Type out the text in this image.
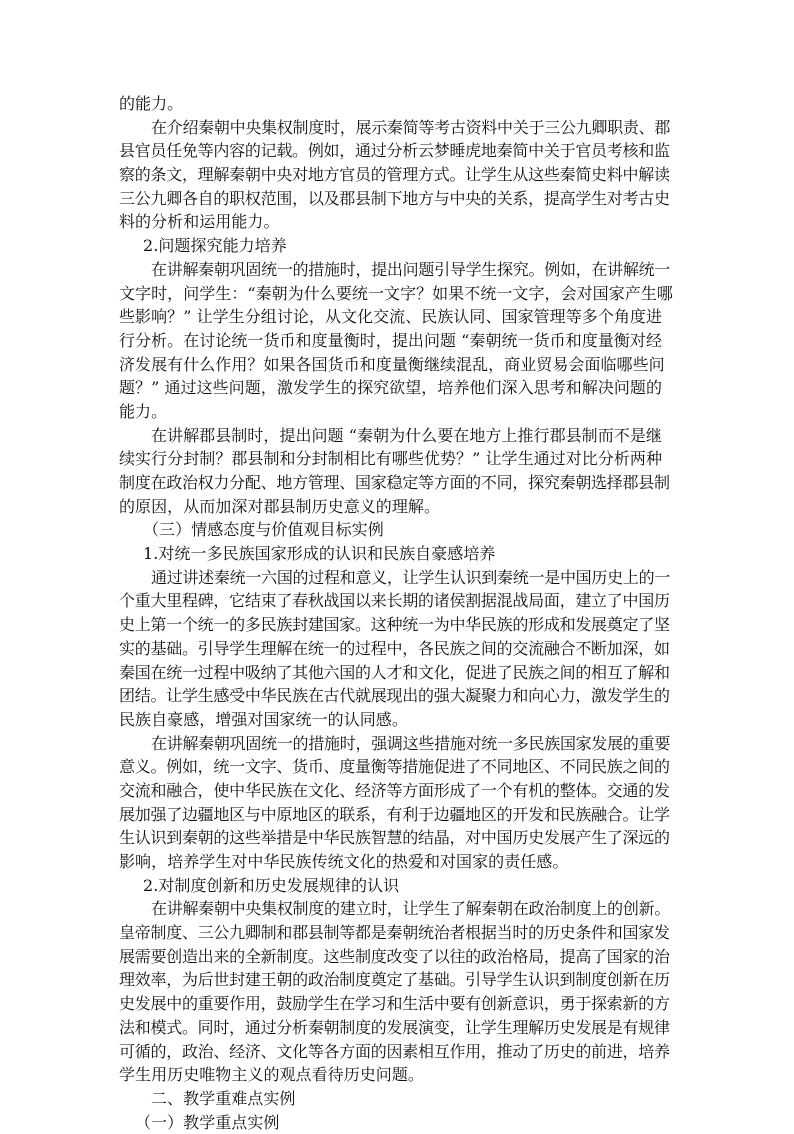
的能力。
在介绍秦朝中央集权制度时，展示秦简等考古资料中关于三公九卿职责、郡
县官员任免等内容的记载。例如，通过分析云梦睡虎地秦简中关于官员考核和监
察的条文，理解秦朝中央对地方官员的管理方式。让学生从这些秦简史料中解读
三公九卿各自的职权范围，以及郡县制下地方与中央的关系，提高学生对考古史
料的分析和运用能力。
2.问题探究能力培养
在讲解秦朝巩固统一的措施时，提出问题引导学生探究。例如，在讲解统一
文字时，问学生：“秦朝为什么要统一文字？如果不统一文字，会对国家产生哪
些影响？” 让学生分组讨论，从文化交流、民族认同、国家管理等多个角度进
行分析。在讨论统一货币和度量衡时，提出问题 “秦朝统一货币和度量衡对经
济发展有什么作用？如果各国货币和度量衡继续混乱，商业贸易会面临哪些问
题？” 通过这些问题，激发学生的探究欲望，培养他们深入思考和解决问题的
能力。
在讲解郡县制时，提出问题 “秦朝为什么要在地方上推行郡县制而不是继
续实行分封制？郡县制和分封制相比有哪些优势？” 让学生通过对比分析两种
制度在政治权力分配、地方管理、国家稳定等方面的不同，探究秦朝选择郡县制
的原因，从而加深对郡县制历史意义的理解。
（三）情感态度与价值观目标实例
1.对统一多民族国家形成的认识和民族自豪感培养
通过讲述秦统一六国的过程和意义，让学生认识到秦统一是中国历史上的一
个重大里程碑，它结束了春秋战国以来长期的诸侯割据混战局面，建立了中国历
史上第一个统一的多民族封建国家。这种统一为中华民族的形成和发展奠定了坚
实的基础。引导学生理解在统一的过程中，各民族之间的交流融合不断加深，如
秦国在统一过程中吸纳了其他六国的人才和文化，促进了民族之间的相互了解和
团结。让学生感受中华民族在古代就展现出的强大凝聚力和向心力，激发学生的
民族自豪感，增强对国家统一的认同感。
在讲解秦朝巩固统一的措施时，强调这些措施对统一多民族国家发展的重要
意义。例如，统一文字、货币、度量衡等措施促进了不同地区、不同民族之间的
交流和融合，使中华民族在文化、经济等方面形成了一个有机的整体。交通的发
展加强了边疆地区与中原地区的联系，有利于边疆地区的开发和民族融合。让学
生认识到秦朝的这些举措是中华民族智慧的结晶，对中国历史发展产生了深远的
影响，培养学生对中华民族传统文化的热爱和对国家的责任感。
2.对制度创新和历史发展规律的认识
在讲解秦朝中央集权制度的建立时，让学生了解秦朝在政治制度上的创新。
皇帝制度、三公九卿制和郡县制等都是秦朝统治者根据当时的历史条件和国家发
展需要创造出来的全新制度。这些制度改变了以往的政治格局，提高了国家的治
理效率，为后世封建王朝的政治制度奠定了基础。引导学生认识到制度创新在历
史发展中的重要作用，鼓励学生在学习和生活中要有创新意识，勇于探索新的方
法和模式。同时，通过分析秦朝制度的发展演变，让学生理解历史发展是有规律
可循的，政治、经济、文化等各方面的因素相互作用，推动了历史的前进，培养
学生用历史唯物主义的观点看待历史问题。
二、教学重难点实例
（一）教学重点实例
